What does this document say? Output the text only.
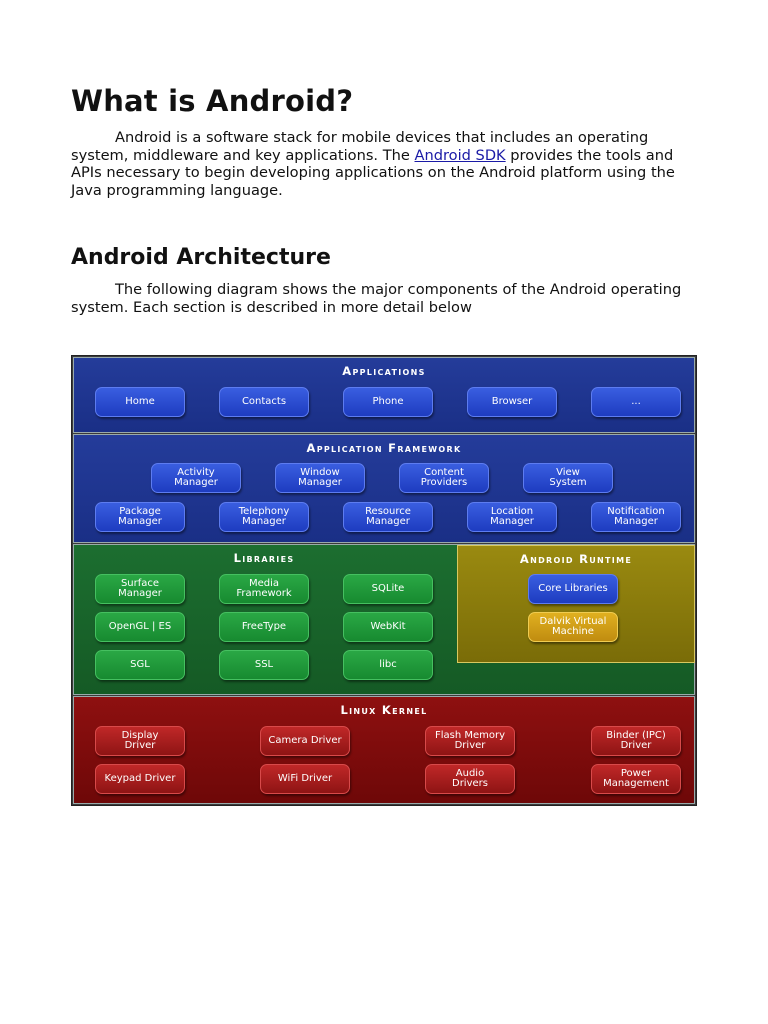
What is Android?

Android is a software stack for mobile devices that includes an operating system, middleware and key applications. The Android SDK provides the tools and APIs necessary to begin developing applications on the Android platform using the Java programming language.

Android Architecture

The following diagram shows the major components of the Android operating system. Each section is described in more detail below

Applications
Home	Contacts	Phone	Browser	...
Application Framework
Activity Manager
Window
Manager
Content
Providers
View
System
Package Manager
Telephony
Manager
Resource
Manager
Location
Manager
Notification
Manager
Libraries
Surface Manager
Media
Framework	SQLite
OpenGL | ES	FreeType	WebKit
SGL	SSL	libc
Android Runtime
Core Libraries
Dalvik Virtual
Machine
Linux Kernel
Display
Driver	Camera Driver	Flash Memory
Driver
Binder (IPC)
Driver
Keypad Driver	WiFi Driver	Audio
Drivers
Power
Management
